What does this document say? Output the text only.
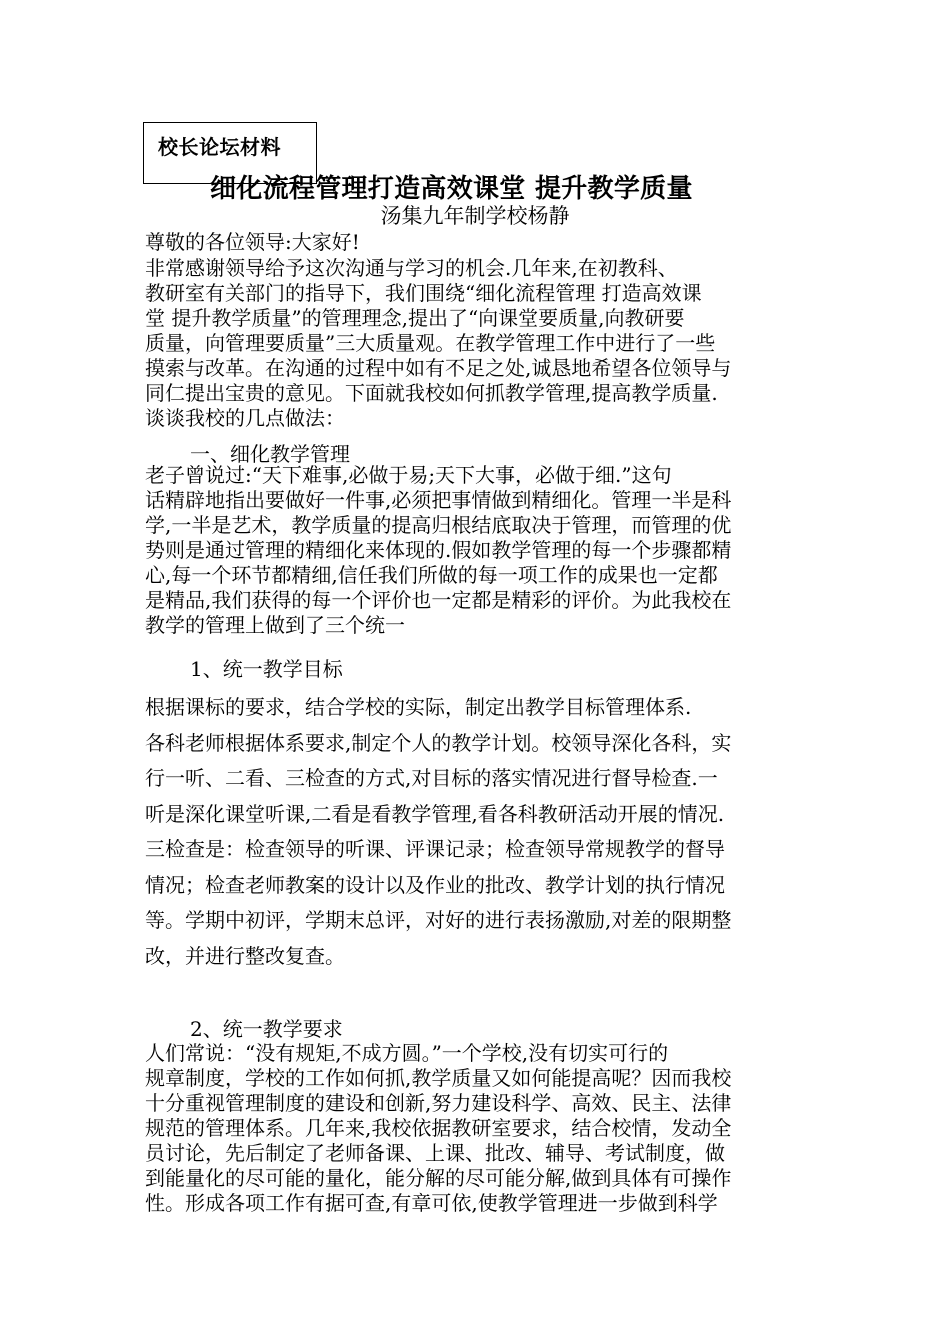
校长论坛材料
细化流程管理打造高效课堂 提升教学质量
汤集九年制学校杨静
尊敬的各位领导:大家好!
非常感谢领导给予这次沟通与学习的机会.几年来,在初教科、
教研室有关部门的指导下，我们围绕“细化流程管理 打造高效课
堂 提升教学质量”的管理理念,提出了“向课堂要质量,向教研要
质量，向管理要质量”三大质量观。在教学管理工作中进行了一些
摸索与改革。在沟通的过程中如有不足之处,诚恳地希望各位领导与
同仁提出宝贵的意见。下面就我校如何抓教学管理,提高教学质量.
谈谈我校的几点做法：
一、细化教学管理
老子曾说过:“天下难事,必做于易;天下大事，必做于细.”这句
话精辟地指出要做好一件事,必须把事情做到精细化。管理一半是科
学,一半是艺术，教学质量的提高归根结底取决于管理，而管理的优
势则是通过管理的精细化来体现的.假如教学管理的每一个步骤都精
心,每一个环节都精细,信任我们所做的每一项工作的成果也一定都
是精品,我们获得的每一个评价也一定都是精彩的评价。为此我校在
教学的管理上做到了三个统一
1、统一教学目标
根据课标的要求，结合学校的实际，制定出教学目标管理体系.
各科老师根据体系要求,制定个人的教学计划。校领导深化各科，实
行一听、二看、三检查的方式,对目标的落实情况进行督导检查.一
听是深化课堂听课,二看是看教学管理,看各科教研活动开展的情况.
三检查是：检查领导的听课、评课记录；检查领导常规教学的督导
情况；检查老师教案的设计以及作业的批改、教学计划的执行情况
等。学期中初评，学期末总评，对好的进行表扬激励,对差的限期整
改，并进行整改复查。
2、统一教学要求
人们常说：“没有规矩,不成方圆。”一个学校,没有切实可行的
规章制度，学校的工作如何抓,教学质量又如何能提高呢？因而我校
十分重视管理制度的建设和创新,努力建设科学、高效、民主、法律
规范的管理体系。几年来,我校依据教研室要求，结合校情，发动全
员讨论，先后制定了老师备课、上课、批改、辅导、考试制度，做
到能量化的尽可能的量化，能分解的尽可能分解,做到具体有可操作
性。形成各项工作有据可查,有章可依,使教学管理进一步做到科学
